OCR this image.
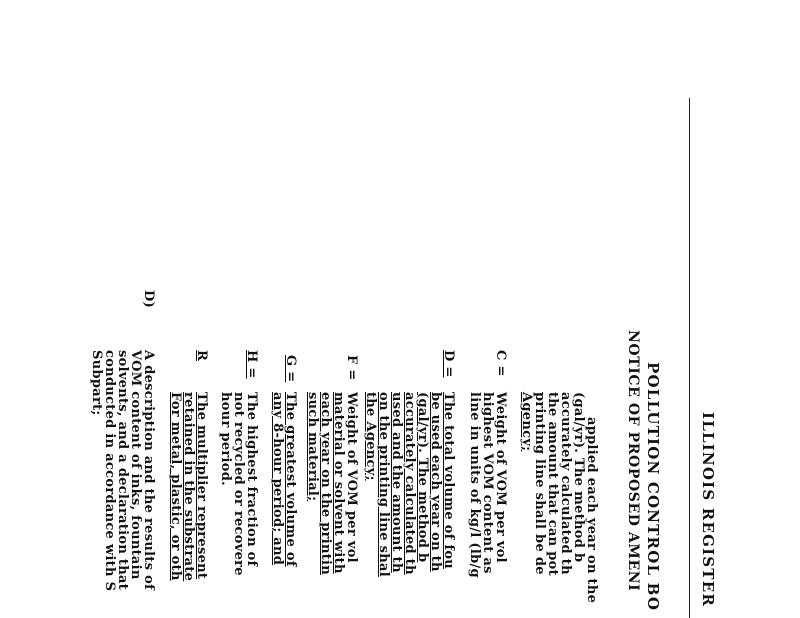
ILLINOIS REGISTER
POLLUTION CONTROL BO
NOTICE OF PROPOSED AMENI
applied each year on the
(gal/yr). The method b
accurately calculated th
the amount that can pot
printing line shall be de
Agency;
C =
Weight of VOM per vol
highest VOM content as
line in units of kg/l (lb/g
D =
The total volume of fou
be used each year on th
(gal/yr). The method b
accurately calculated th
used and the amount th
on the printing line shal
the Agency;
F =
Weight of VOM per vol
material or solvent with
each year on the printin
such material;
G =
The greatest volume of
any 8-hour period; and
H =
The highest fraction of
not recycled or recovere
hour period.
R
The multiplier represent
retained in the substrate
For metal, plastic, or oth
D)
A description and the results of
VOM content of inks, fountain
solvents, and a declaration that
conducted in accordance with S
Subpart;
